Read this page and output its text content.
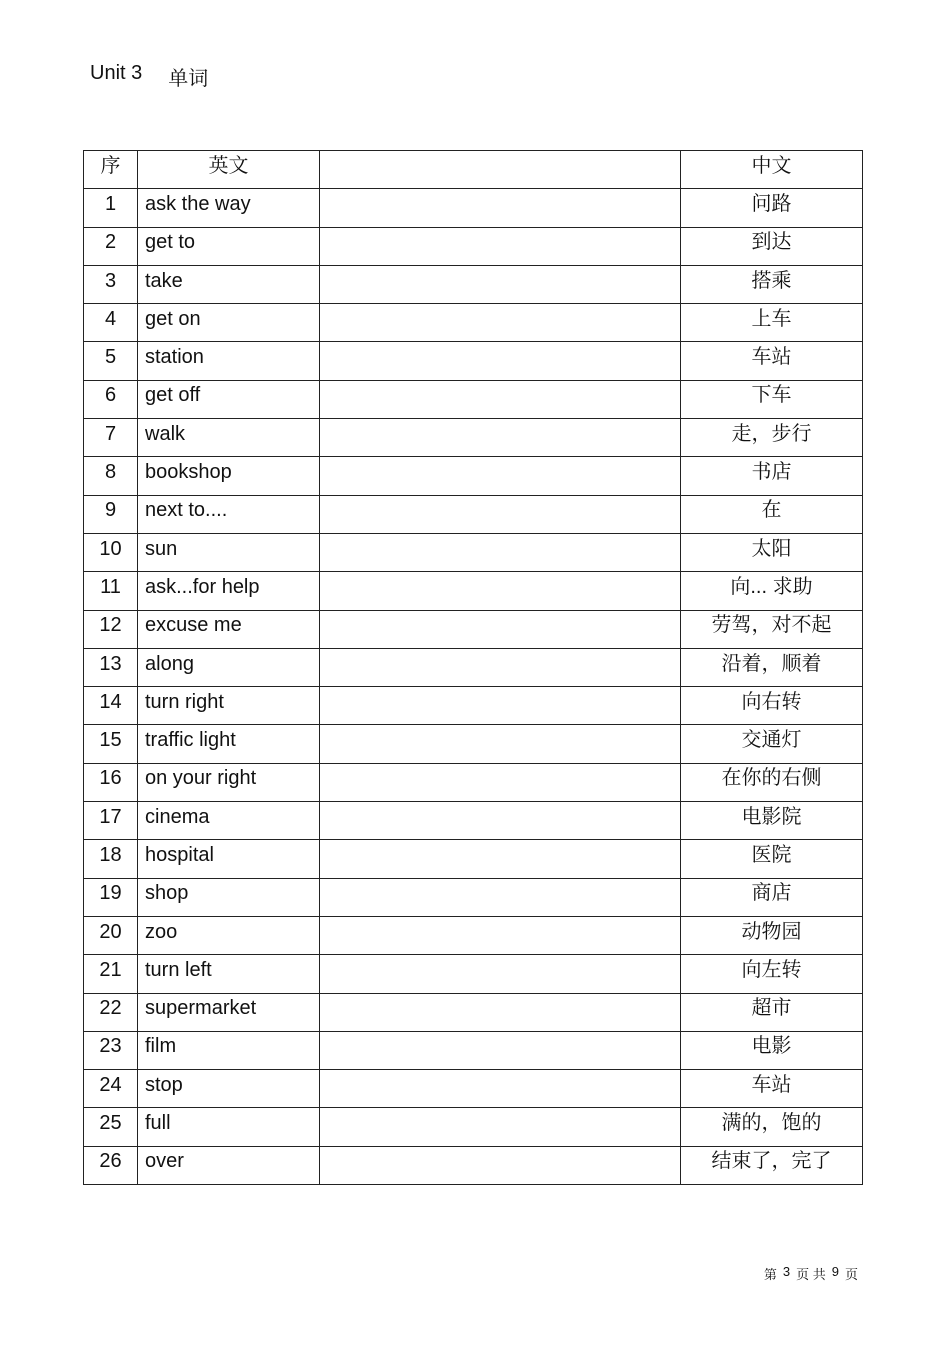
Unit 3 单词
序	英文		中文
1	ask the way		问路
2	get to		到达
3	take		搭乘
4	get on		上车
5	station		车站
6	get off		下车
7	walk		走，步行
8	bookshop		书店
9	next to....		在
10	sun		太阳
11	ask...for help		向... 求助
12	excuse me		劳驾，对不起
13	along		沿着，顺着
14	turn right		向右转
15	traffic light		交通灯
16	on your right		在你的右侧
17	cinema		电影院
18	hospital		医院
19	shop		商店
20	zoo		动物园
21	turn left		向左转
22	supermarket		超市
23	film		电影
24	stop		车站
25	full		满的，饱的
26	over		结束了，完了
第 3 页 共 9 页
